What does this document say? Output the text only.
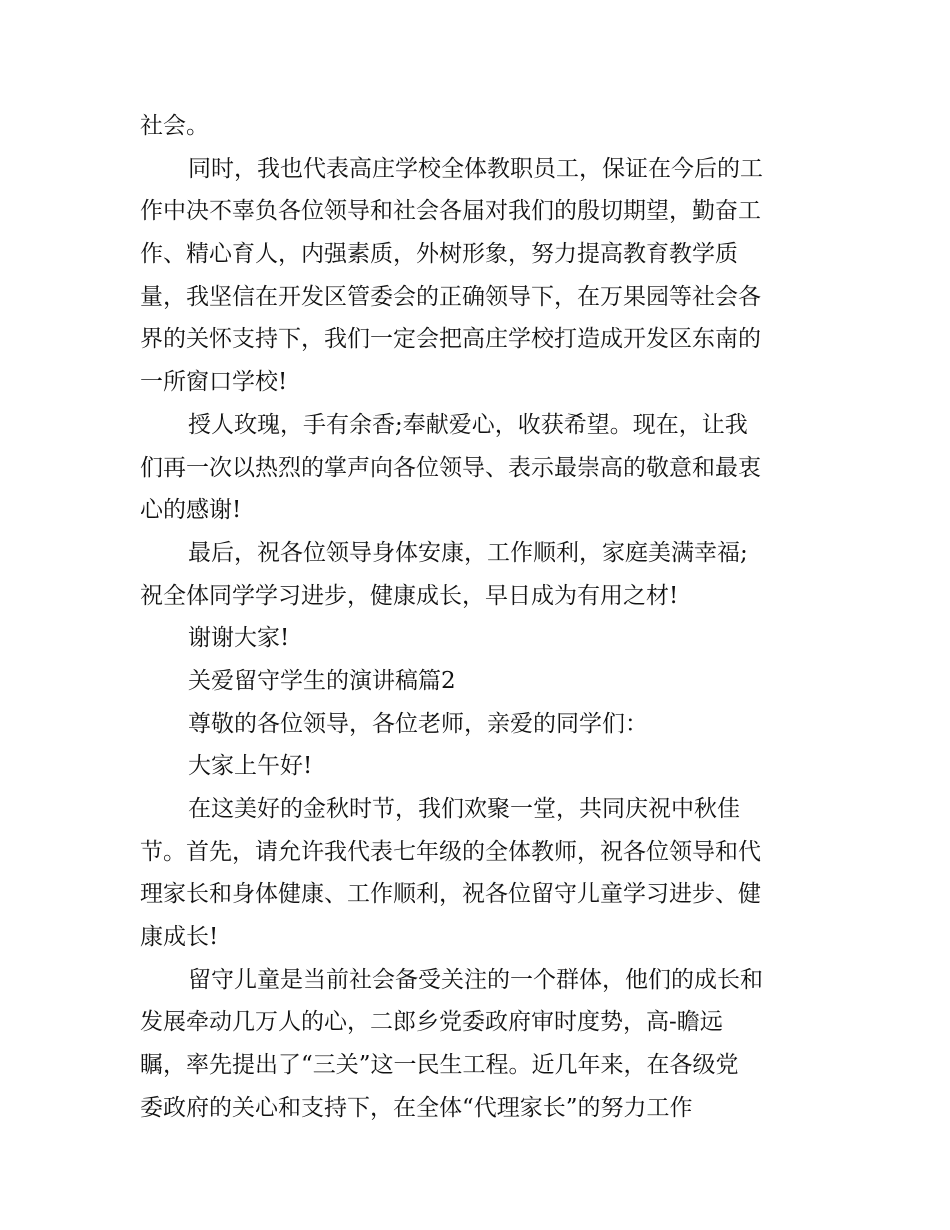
社会。
同时，我也代表高庄学校全体教职员工，保证在今后的工
作中决不辜负各位领导和社会各届对我们的殷切期望，勤奋工
作、精心育人，内强素质，外树形象，努力提高教育教学质
量，我坚信在开发区管委会的正确领导下，在万果园等社会各
界的关怀支持下，我们一定会把高庄学校打造成开发区东南的
一所窗口学校!
授人玫瑰，手有余香;奉献爱心，收获希望。现在，让我
们再一次以热烈的掌声向各位领导、表示最崇高的敬意和最衷
心的感谢!
最后，祝各位领导身体安康，工作顺利，家庭美满幸福;
祝全体同学学习进步，健康成长，早日成为有用之材!
谢谢大家!
关爱留守学生的演讲稿篇2
尊敬的各位领导，各位老师，亲爱的同学们：
大家上午好!
在这美好的金秋时节，我们欢聚一堂，共同庆祝中秋佳
节。首先，请允许我代表七年级的全体教师，祝各位领导和代
理家长和身体健康、工作顺利，祝各位留守儿童学习进步、健
康成长!
留守儿童是当前社会备受关注的一个群体，他们的成长和
发展牵动几万人的心，二郎乡党委政府审时度势，高-瞻远
瞩，率先提出了“三关”这一民生工程。近几年来，在各级党
委政府的关心和支持下，在全体“代理家长”的努力工作
